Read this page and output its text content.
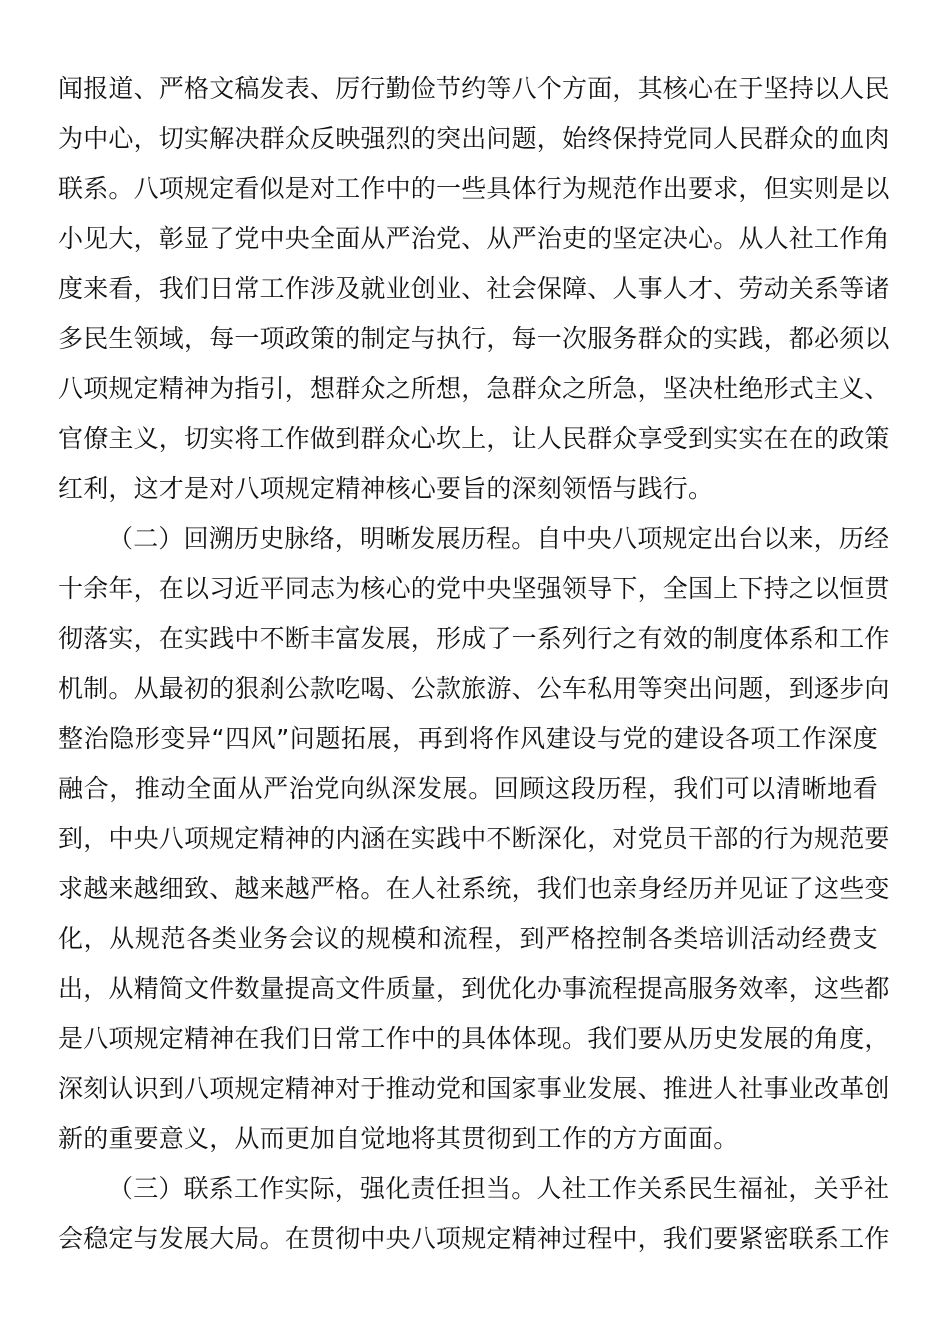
闻报道、严格文稿发表、厉行勤俭节约等八个方面，其核心在于坚持以人民
为中心，切实解决群众反映强烈的突出问题，始终保持党同人民群众的血肉
联系。八项规定看似是对工作中的一些具体行为规范作出要求，但实则是以
小见大，彰显了党中央全面从严治党、从严治吏的坚定决心。从人社工作角
度来看，我们日常工作涉及就业创业、社会保障、人事人才、劳动关系等诸
多民生领域，每一项政策的制定与执行，每一次服务群众的实践，都必须以
八项规定精神为指引，想群众之所想，急群众之所急，坚决杜绝形式主义、
官僚主义，切实将工作做到群众心坎上，让人民群众享受到实实在在的政策
红利，这才是对八项规定精神核心要旨的深刻领悟与践行。
（二）回溯历史脉络，明晰发展历程。自中央八项规定出台以来，历经
十余年，在以习近平同志为核心的党中央坚强领导下，全国上下持之以恒贯
彻落实，在实践中不断丰富发展，形成了一系列行之有效的制度体系和工作
机制。从最初的狠刹公款吃喝、公款旅游、公车私用等突出问题，到逐步向
整治隐形变异“四风”问题拓展，再到将作风建设与党的建设各项工作深度
融合，推动全面从严治党向纵深发展。回顾这段历程，我们可以清晰地看
到，中央八项规定精神的内涵在实践中不断深化，对党员干部的行为规范要
求越来越细致、越来越严格。在人社系统，我们也亲身经历并见证了这些变
化，从规范各类业务会议的规模和流程，到严格控制各类培训活动经费支
出，从精简文件数量提高文件质量，到优化办事流程提高服务效率，这些都
是八项规定精神在我们日常工作中的具体体现。我们要从历史发展的角度，
深刻认识到八项规定精神对于推动党和国家事业发展、推进人社事业改革创
新的重要意义，从而更加自觉地将其贯彻到工作的方方面面。
（三）联系工作实际，强化责任担当。人社工作关系民生福祉，关乎社
会稳定与发展大局。在贯彻中央八项规定精神过程中，我们要紧密联系工作
